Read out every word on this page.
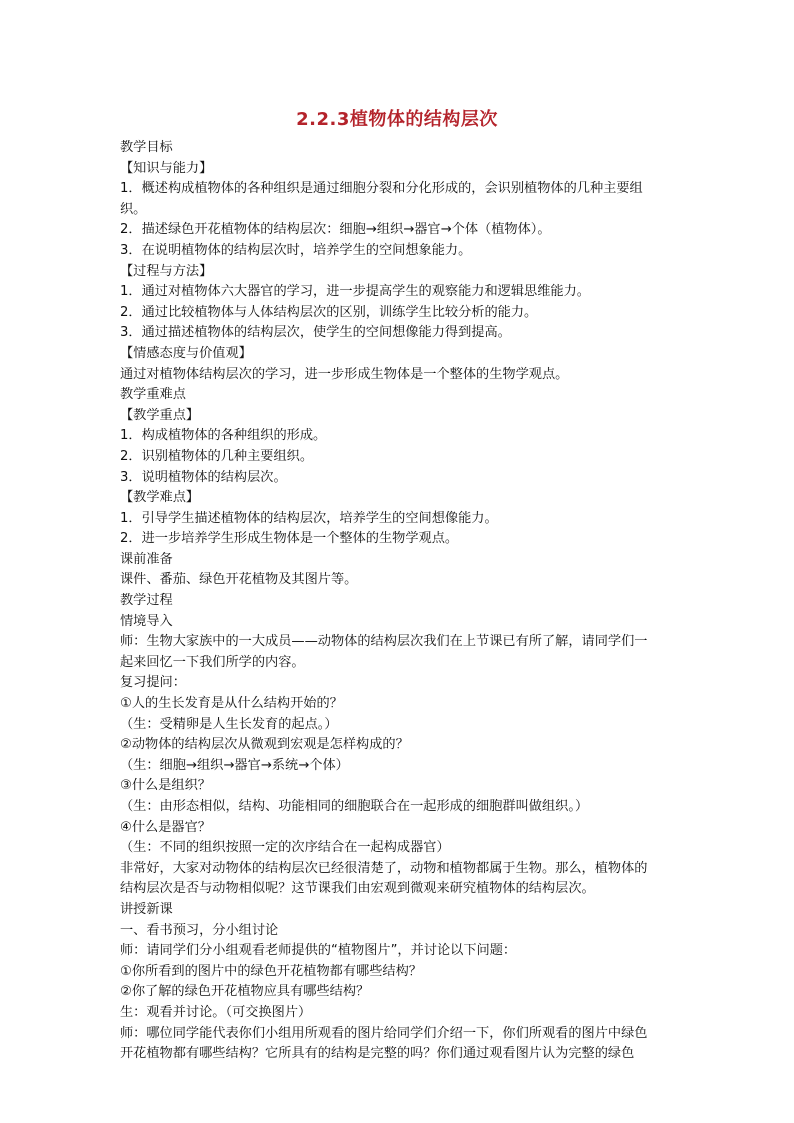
2.2.3植物体的结构层次

教学目标

【知识与能力】

1．概述构成植物体的各种组织是通过细胞分裂和分化形成的，会识别植物体的几种主要组

织。

2．描述绿色开花植物体的结构层次：细胞→组织→器官→个体（植物体）。

3．在说明植物体的结构层次时，培养学生的空间想象能力。

【过程与方法】

1．通过对植物体六大器官的学习，进一步提高学生的观察能力和逻辑思维能力。

2．通过比较植物体与人体结构层次的区别，训练学生比较分析的能力。

3．通过描述植物体的结构层次，使学生的空间想像能力得到提高。

【情感态度与价值观】

通过对植物体结构层次的学习，进一步形成生物体是一个整体的生物学观点。

教学重难点

【教学重点】

1．构成植物体的各种组织的形成。

2．识别植物体的几种主要组织。

3．说明植物体的结构层次。

【教学难点】

1．引导学生描述植物体的结构层次，培养学生的空间想像能力。

2．进一步培养学生形成生物体是一个整体的生物学观点。

课前准备

课件、番茄、绿色开花植物及其图片等。

教学过程

情境导入

师：生物大家族中的一大成员——动物体的结构层次我们在上节课已有所了解，请同学们一

起来回忆一下我们所学的内容。

复习提问：

①人的生长发育是从什么结构开始的？

（生：受精卵是人生长发育的起点。）

②动物体的结构层次从微观到宏观是怎样构成的？

（生：细胞→组织→器官→系统→个体）

③什么是组织？

（生：由形态相似，结构、功能相同的细胞联合在一起形成的细胞群叫做组织。）

④什么是器官？

（生：不同的组织按照一定的次序结合在一起构成器官）

非常好，大家对动物体的结构层次已经很清楚了，动物和植物都属于生物。那么，植物体的

结构层次是否与动物相似呢？这节课我们由宏观到微观来研究植物体的结构层次。

讲授新课

一、看书预习，分小组讨论

师：请同学们分小组观看老师提供的“植物图片”，并讨论以下问题：

①你所看到的图片中的绿色开花植物都有哪些结构？

②你了解的绿色开花植物应具有哪些结构？

生：观看并讨论。（可交换图片）

师：哪位同学能代表你们小组用所观看的图片给同学们介绍一下，你们所观看的图片中绿色

开花植物都有哪些结构？它所具有的结构是完整的吗？你们通过观看图片认为完整的绿色
